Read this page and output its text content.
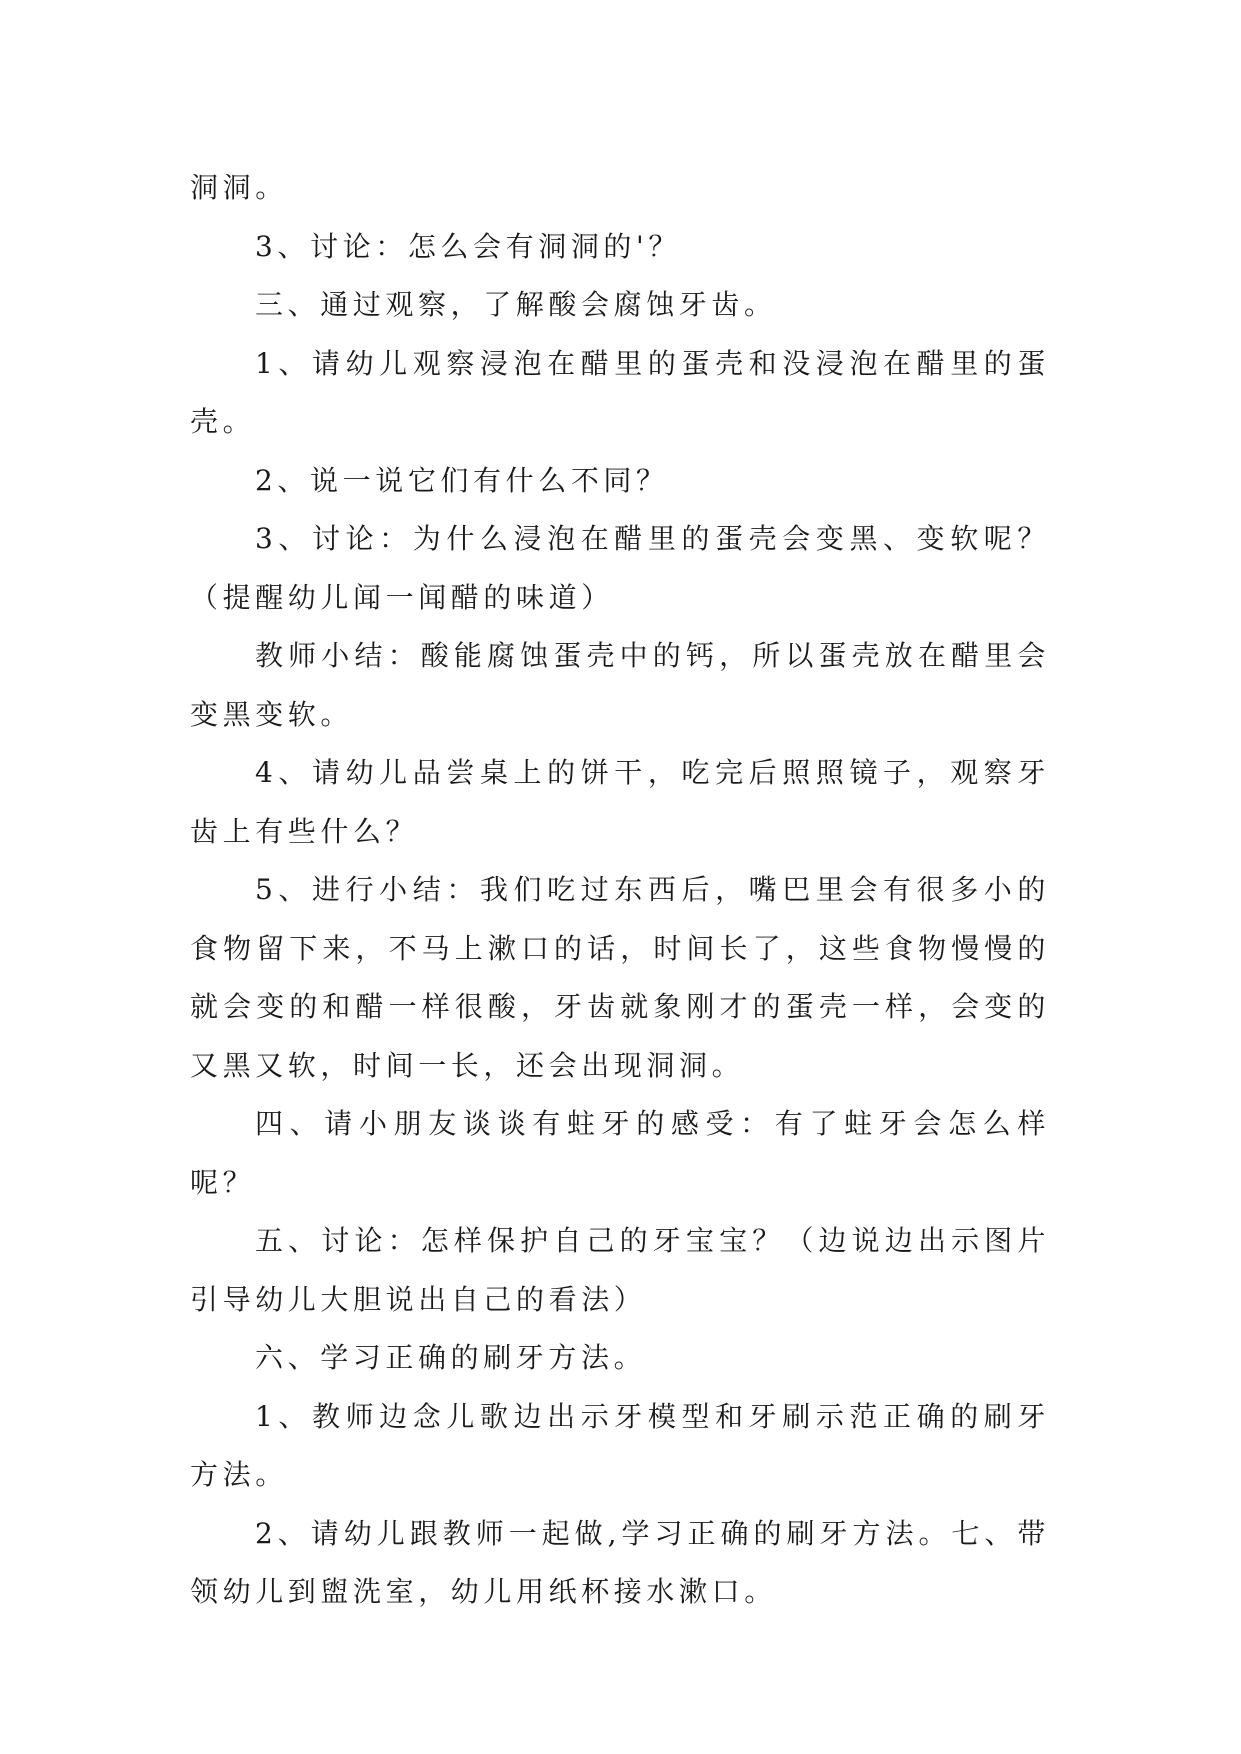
洞洞。

3、讨论：怎么会有洞洞的'？

三、通过观察，了解酸会腐蚀牙齿。

1、请幼儿观察浸泡在醋里的蛋壳和没浸泡在醋里的蛋壳。

2、说一说它们有什么不同？

3、讨论：为什么浸泡在醋里的蛋壳会变黑、变软呢？（提醒幼儿闻一闻醋的味道）

教师小结：酸能腐蚀蛋壳中的钙，所以蛋壳放在醋里会变黑变软。

4、请幼儿品尝桌上的饼干，吃完后照照镜子，观察牙齿上有些什么？

5、进行小结：我们吃过东西后，嘴巴里会有很多小的食物留下来，不马上漱口的话，时间长了，这些食物慢慢的就会变的和醋一样很酸，牙齿就象刚才的蛋壳一样，会变的又黑又软，时间一长，还会出现洞洞。

四、请小朋友谈谈有蛀牙的感受：有了蛀牙会怎么样呢？

五、讨论：怎样保护自己的牙宝宝？（边说边出示图片引导幼儿大胆说出自己的看法）

六、学习正确的刷牙方法。

1、教师边念儿歌边出示牙模型和牙刷示范正确的刷牙方法。

2、请幼儿跟教师一起做,学习正确的刷牙方法。七、带领幼儿到盥洗室，幼儿用纸杯接水漱口。
